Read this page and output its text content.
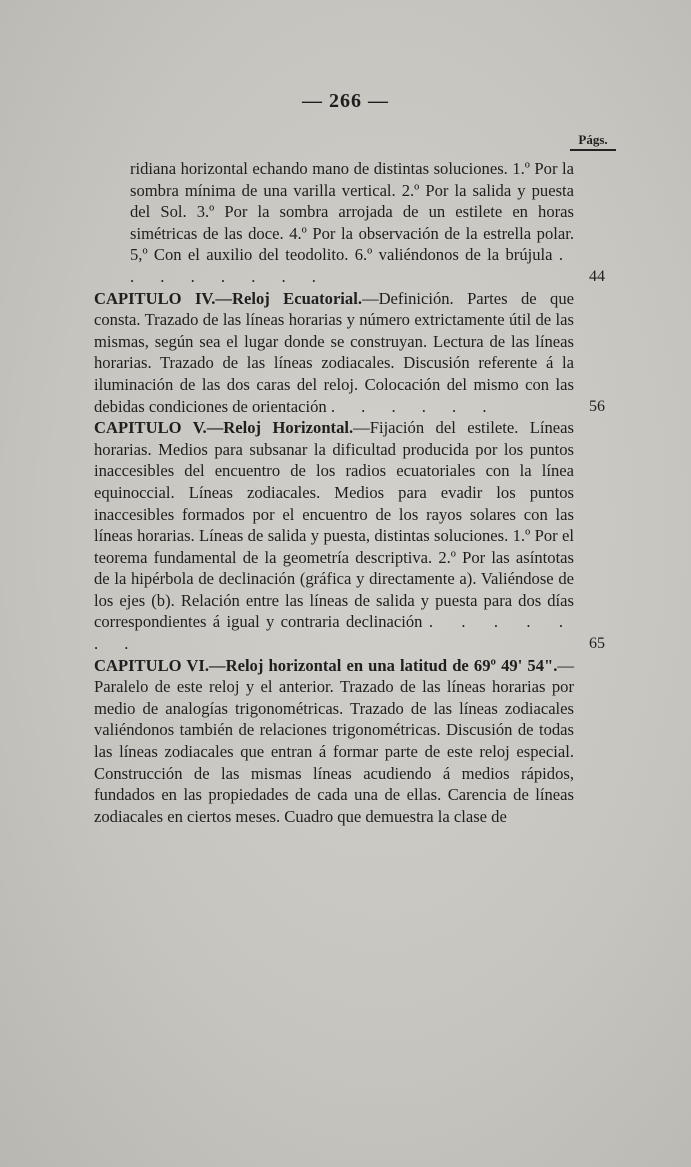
— 266 —
Págs.
ridiana horizontal echando mano de distintas soluciones. 1.º Por la sombra mínima de una varilla vertical. 2.º Por la salida y puesta del Sol. 3.º Por la sombra arrojada de un estilete en horas simétricas de las doce. 4.º Por la observación de la estrella polar. 5,º Con el auxilio del teodolito. 6.º valiéndonos de la brújula . . . . . . . .	44
CAPITULO IV.—Reloj Ecuatorial.—Definición. Partes de que consta. Trazado de las líneas horarias y número extrictamente útil de las mismas, según sea el lugar donde se construyan. Lectura de las líneas horarias. Trazado de las líneas zodiacales. Discusión referente á la iluminación de las dos caras del reloj. Colocación del mismo con las debidas condiciones de orientación . . . . . .	56
CAPITULO V.—Reloj Horizontal.—Fijación del estilete. Líneas horarias. Medios para subsanar la dificultad producida por los puntos inaccesibles del encuentro de los radios ecuatoriales con la línea equinoccial. Líneas zodiacales. Medios para evadir los puntos inaccesibles formados por el encuentro de los rayos solares con las líneas horarias. Líneas de salida y puesta, distintas soluciones. 1.º Por el teorema fundamental de la geometría descriptiva. 2.º Por las asíntotas de la hipérbola de declinación (gráfica y directamente a). Valiéndose de los ejes (b). Relación entre las líneas de salida y puesta para dos días correspondientes á igual y contraria declinación . . . . . . .	65
CAPITULO VI.—Reloj horizontal en una latitud de 69º 49' 54".—Paralelo de este reloj y el anterior. Trazado de las líneas horarias por medio de analogías trigonométricas. Trazado de las líneas zodiacales valiéndonos también de relaciones trigonométricas. Discusión de todas las líneas zodiacales que entran á formar parte de este reloj especial. Construcción de las mismas líneas acudiendo á medios rápidos, fundados en las propiedades de cada una de ellas. Carencia de líneas zodiacales en ciertos meses. Cuadro que demuestra la clase de
